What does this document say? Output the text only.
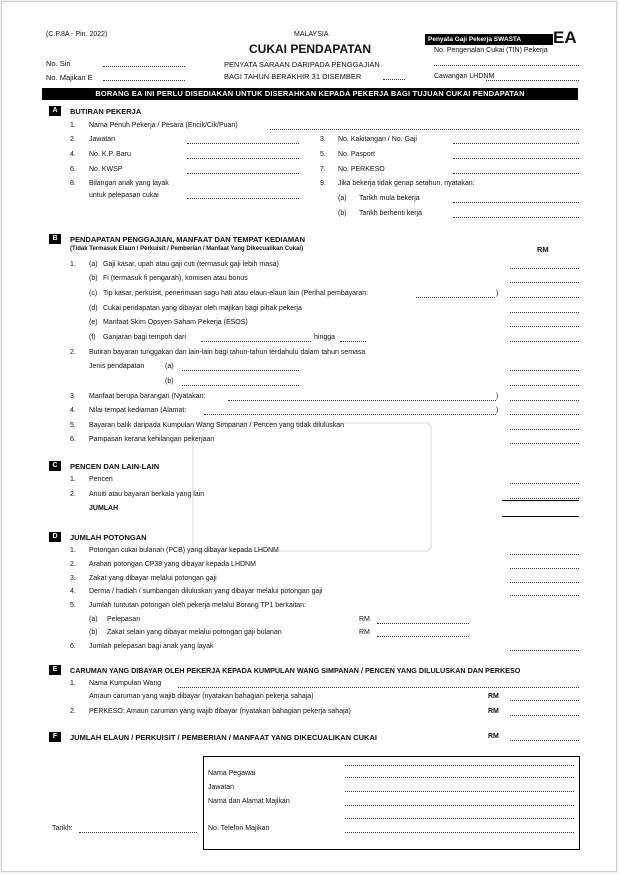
(C.P.8A - Pin. 2022)	MALAYSIA
CUKAI PENDAPATAN
PENYATA SARAAN DARIPADA PENGGAJIAN
BAGI TAHUN BERAKHIR 31 DISEMBER
No. Siri
No. Majikan E
Penyata Gaji Pekerja SWASTA	EA
No. Pengenalan Cukai (TIN) Pekerja
Cawangan LHDNM
BORANG EA INI PERLU DISEDIAKAN UNTUK DISERAHKAN KEPADA PEKERJA BAGI TUJUAN CUKAI PENDAPATAN
A	BUTIRAN PEKERJA
1. Nama Penuh Pekerja / Pesara (Encik/Cik/Puan)
2. Jawatan	3. No. Kakitangan / No. Gaji
4. No. K.P. Baru	5. No. Pasport
6. No. KWSP	7. No. PERKESO
8. Bilangan anak yang layak
untuk pelepasan cukai
9. Jika bekerja tidak genap setahun, nyatakan:
(a) Tarikh mula bekerja
(b) Tarikh berhenti kerja
B	PENDAPATAN PENGGAJIAN, MANFAAT DAN TEMPAT KEDIAMAN
(Tidak Termasuk Elaun / Perkuisit / Pemberian / Manfaat Yang Dikecualikan Cukai)	RM
1. (a) Gaji kasar, upah atau gaji cuti (termasuk gaji lebih masa)
(b) Fi (termasuk fi pengarah), komisen atau bonus
(c) Tip kasar, perkuisit, penerimaan sagu hati atau elaun-elaun lain (Perihal pembayaran:	)
(d) Cukai pendapatan yang dibayar oleh majikan bagi pihak pekerja
(e) Manfaat Skim Opsyen Saham Pekerja (ESOS)
(f) Ganjaran bagi tempoh dari	hingga
2. Butiran bayaran tunggakan dan lain-lain bagi tahun-tahun terdahulu dalam tahun semasa
Jenis pendapatan	(a)
(b)
3. Manfaat berupa barangan (Nyatakan:	)
4. Nilai tempat kediaman (Alamat:	)
5. Bayaran balik daripada Kumpulan Wang Simpanan / Pencen yang tidak diluluskan
6. Pampasan kerana kehilangan pekerjaan
C	PENCEN DAN LAIN-LAIN
1. Pencen
2. Anuiti atau bayaran berkala yang lain
JUMLAH
D	JUMLAH POTONGAN
1. Potongan cukai bulanan (PCB) yang dibayar kepada LHDNM
2. Arahan potongan CP38 yang dibayar kepada LHDNM
3. Zakat yang dibayar melalui potongan gaji
4. Derma / hadiah / sumbangan diluluskan yang dibayar melalui potongan gaji
5. Jumlah tuntutan potongan oleh pekerja melalui Borang TP1 berkaitan:
(a) Pelepasan	RM
(b) Zakat selain yang dibayar melalui potongan gaji bulanan	RM
6. Jumlah pelepasan bagi anak yang layak
E	CARUMAN YANG DIBAYAR OLEH PEKERJA KEPADA KUMPULAN WANG SIMPANAN / PENCEN YANG DILULUSKAN DAN PERKESO
1. Nama Kumpulan Wang
Amaun caruman yang wajib dibayar (nyatakan bahagian pekerja sahaja)	RM
2. PERKESO: Amaun caruman yang wajib dibayar (nyatakan bahagian pekerja sahaja)	RM
F	JUMLAH ELAUN / PERKUISIT / PEMBERIAN / MANFAAT YANG DIKECUALIKAN CUKAI	RM
Nama Pegawai
Jawatan
Nama dan Alamat Majikan
Tarikh:	No. Telefon Majikan
